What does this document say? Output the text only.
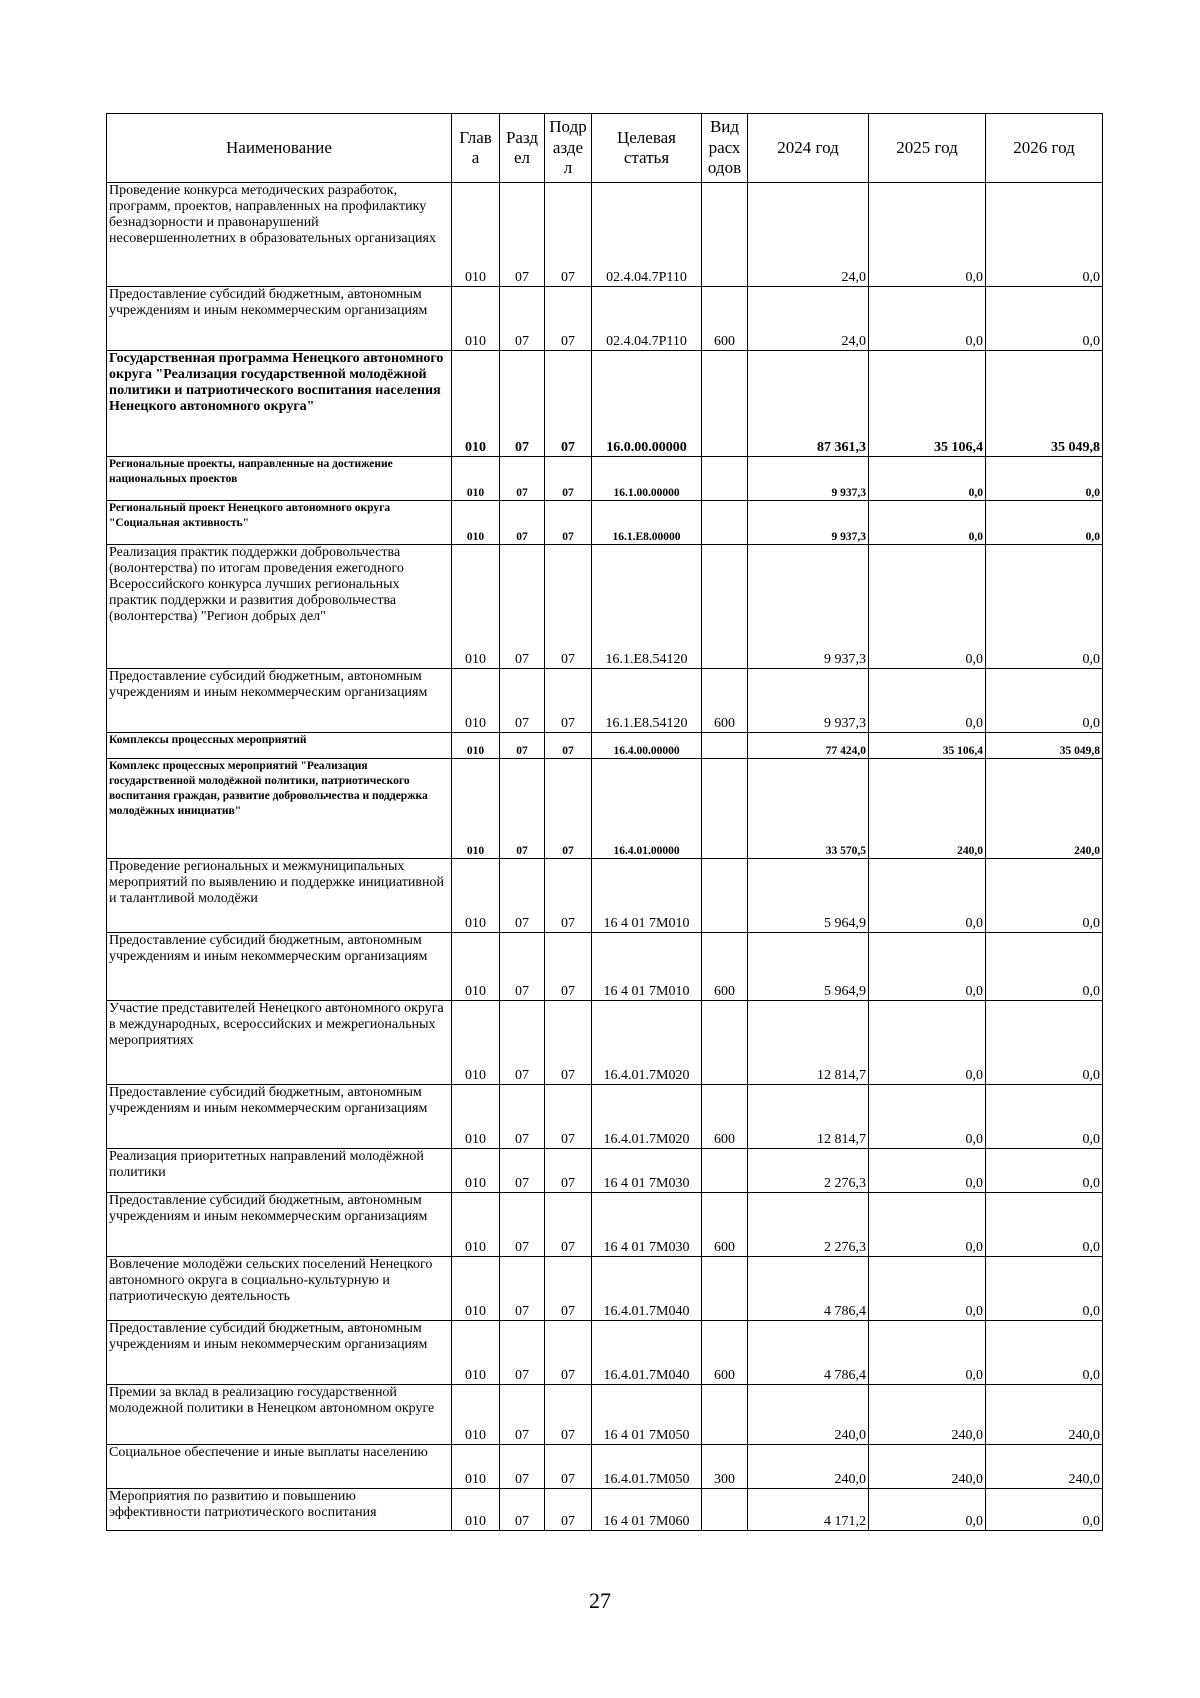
Наименование	Глав а	Разд ел	Подр азде л	Целевая статья	Вид расх одов	2024 год	2025 год	2026 год
Проведение конкурса методических разработок, программ, проектов, направленных на профилактику безнадзорности и правонарушений несовершеннолетних в образовательных организациях	010	07	07	02.4.04.7Р110		24,0	0,0	0,0
Предоставление субсидий бюджетным, автономным учреждениям и иным некоммерческим организациям	010	07	07	02.4.04.7Р110	600	24,0	0,0	0,0
Государственная программа Ненецкого автономного округа "Реализация государственной молодёжной политики и патриотического воспитания населения Ненецкого автономного округа"	010	07	07	16.0.00.00000		87 361,3	35 106,4	35 049,8
Региональные проекты, направленные на достижение национальных проектов	010	07	07	16.1.00.00000		9 937,3	0,0	0,0
Региональный проект Ненецкого автономного округа "Социальная активность"	010	07	07	16.1.Е8.00000		9 937,3	0,0	0,0
Реализация практик поддержки добровольчества (волонтерства) по итогам проведения ежегодного Всероссийского конкурса лучших региональных практик поддержки и развития добровольчества (волонтерства) "Регион добрых дел"	010	07	07	16.1.Е8.54120		9 937,3	0,0	0,0
Предоставление субсидий бюджетным, автономным учреждениям и иным некоммерческим организациям	010	07	07	16.1.Е8.54120	600	9 937,3	0,0	0,0
Комплексы процессных мероприятий	010	07	07	16.4.00.00000		77 424,0	35 106,4	35 049,8
Комплекс процессных мероприятий "Реализация государственной молодёжной политики, патриотического воспитания граждан, развитие добровольчества и поддержка молодёжных инициатив"	010	07	07	16.4.01.00000		33 570,5	240,0	240,0
Проведение региональных и межмуниципальных мероприятий по выявлению и поддержке инициативной и талантливой молодёжи	010	07	07	16 4 01 7М010		5 964,9	0,0	0,0
Предоставление субсидий бюджетным, автономным учреждениям и иным некоммерческим организациям	010	07	07	16 4 01 7М010	600	5 964,9	0,0	0,0
Участие представителей Ненецкого автономного округа в международных, всероссийских и межрегиональных мероприятиях	010	07	07	16.4.01.7М020		12 814,7	0,0	0,0
Предоставление субсидий бюджетным, автономным учреждениям и иным некоммерческим организациям	010	07	07	16.4.01.7М020	600	12 814,7	0,0	0,0
Реализация приоритетных направлений молодёжной политики	010	07	07	16 4 01 7М030		2 276,3	0,0	0,0
Предоставление субсидий бюджетным, автономным учреждениям и иным некоммерческим организациям	010	07	07	16 4 01 7М030	600	2 276,3	0,0	0,0
Вовлечение молодёжи сельских поселений Ненецкого автономного округа в социально-культурную и патриотическую деятельность	010	07	07	16.4.01.7М040		4 786,4	0,0	0,0
Предоставление субсидий бюджетным, автономным учреждениям и иным некоммерческим организациям	010	07	07	16.4.01.7М040	600	4 786,4	0,0	0,0
Премии за вклад в реализацию государственной молодежной политики в Ненецком автономном округе	010	07	07	16 4 01 7М050		240,0	240,0	240,0
Социальное обеспечение и иные выплаты населению	010	07	07	16.4.01.7М050	300	240,0	240,0	240,0
Мероприятия по развитию и повышению эффективности патриотического воспитания	010	07	07	16 4 01 7М060		4 171,2	0,0	0,0
27
